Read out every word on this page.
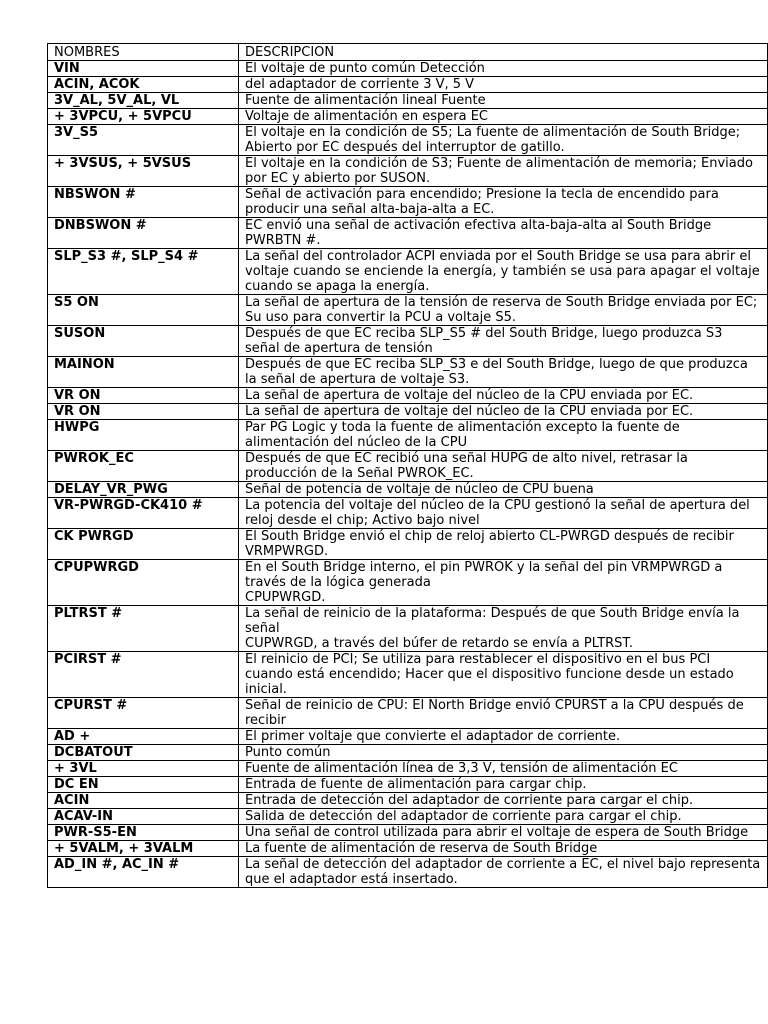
NOMBRES	DESCRIPCION
VIN	El voltaje de punto común Detección
ACIN, ACOK	del adaptador de corriente 3 V, 5 V
3V_AL, 5V_AL, VL	Fuente de alimentación lineal Fuente
+ 3VPCU, + 5VPCU	Voltaje de alimentación en espera EC
3V_S5	El voltaje en la condición de S5; La fuente de alimentación de South Bridge; Abierto por EC después del interruptor de gatillo.
+ 3VSUS, + 5VSUS	El voltaje en la condición de S3; Fuente de alimentación de memoria; Enviado por EC y abierto por SUSON.
NBSWON #	Señal de activación para encendido; Presione la tecla de encendido para producir una señal alta-baja-alta a EC.
DNBSWON #	EC envió una señal de activación efectiva alta-baja-alta al South Bridge PWRBTN #.
SLP_S3 #, SLP_S4 #	La señal del controlador ACPI enviada por el South Bridge se usa para abrir el voltaje cuando se enciende la energía, y también se usa para apagar el voltaje cuando se apaga la energía.
S5 ON	La señal de apertura de la tensión de reserva de South Bridge enviada por EC; Su uso para convertir la PCU a voltaje S5.
SUSON	Después de que EC reciba SLP_S5 # del South Bridge, luego produzca S3 señal de apertura de tensión
MAINON	Después de que EC reciba SLP_S3 e del South Bridge, luego de que produzca la señal de apertura de voltaje S3.
VR ON	La señal de apertura de voltaje del núcleo de la CPU enviada por EC.
VR ON	La señal de apertura de voltaje del núcleo de la CPU enviada por EC.
HWPG	Par PG Logic y toda la fuente de alimentación excepto la fuente de alimentación del núcleo de la CPU
PWROK_EC	Después de que EC recibió una señal HUPG de alto nivel, retrasar la producción de la Señal PWROK_EC.
DELAY_VR_PWG	Señal de potencia de voltaje de núcleo de CPU buena
VR-PWRGD-CK410 #	La potencia del voltaje del núcleo de la CPU gestionó la señal de apertura del reloj desde el chip; Activo bajo nivel
CK PWRGD	El South Bridge envió el chip de reloj abierto CL-PWRGD después de recibir
VRMPWRGD.
CPUPWRGD	En el South Bridge interno, el pin PWROK y la señal del pin VRMPWRGD a través de la lógica generada
CPUPWRGD.
PLTRST #	La señal de reinicio de la plataforma: Después de que South Bridge envía la señal
CUPWRGD, a través del búfer de retardo se envía a PLTRST.
PCIRST #	El reinicio de PCI; Se utiliza para restablecer el dispositivo en el bus PCI cuando está encendido; Hacer que el dispositivo funcione desde un estado inicial.
CPURST #	Señal de reinicio de CPU: El North Bridge envió CPURST a la CPU después de recibir
AD +	El primer voltaje que convierte el adaptador de corriente.
DCBATOUT	Punto común
+ 3VL	Fuente de alimentación línea de 3,3 V, tensión de alimentación EC
DC EN	Entrada de fuente de alimentación para cargar chip.
ACIN	Entrada de detección del adaptador de corriente para cargar el chip.
ACAV-IN	Salida de detección del adaptador de corriente para cargar el chip.
PWR-S5-EN	Una señal de control utilizada para abrir el voltaje de espera de South Bridge
+ 5VALM, + 3VALM	La fuente de alimentación de reserva de South Bridge
AD_IN #, AC_IN #	La señal de detección del adaptador de corriente a EC, el nivel bajo representa que el adaptador está insertado.
